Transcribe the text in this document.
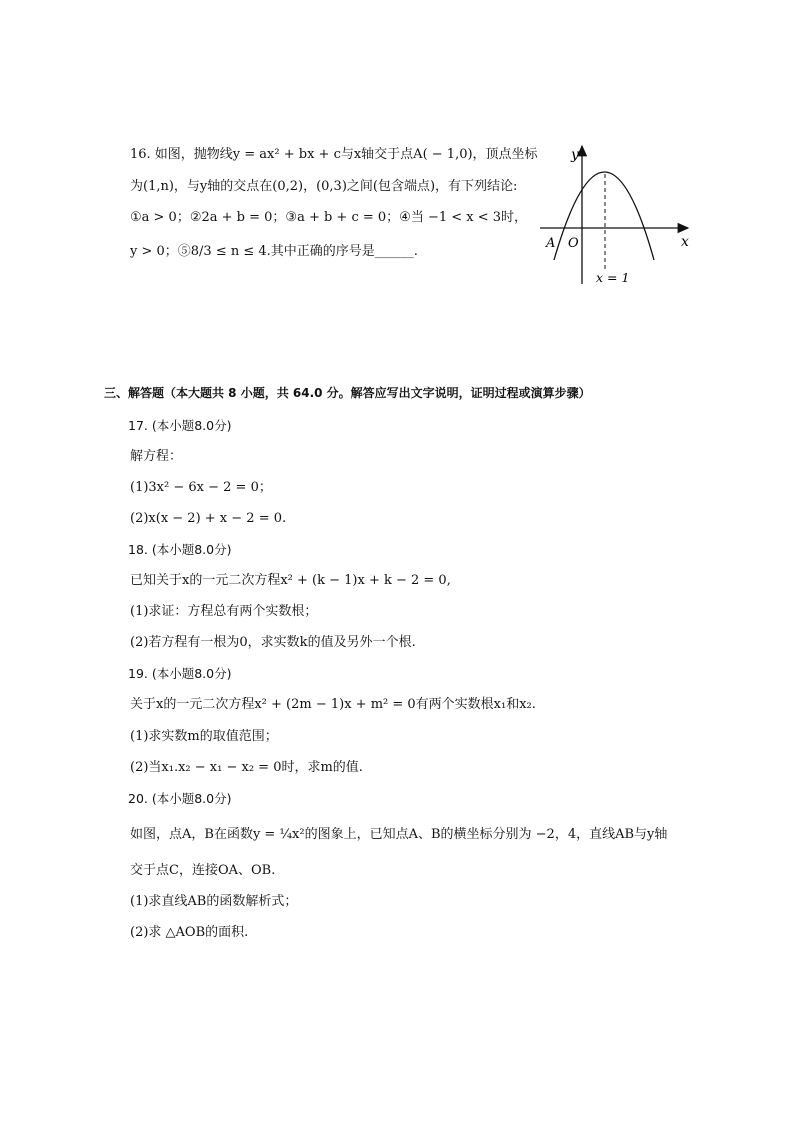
16. 如图，抛物线y = ax² + bx + c与x轴交于点A( − 1,0)，顶点坐标
为(1,n)，与y轴的交点在(0,2)，(0,3)之间(包含端点)，有下列结论:
①a > 0；②2a + b = 0；③a + b + c = 0；④当 −1 < x < 3时，
y > 0；⑤8/3 ≤ n ≤ 4.其中正确的序号是______.
y
x
A O
x = 1
三、解答题（本大题共 8 小题，共 64.0 分。解答应写出文字说明，证明过程或演算步骤）
17. (本小题8.0分)
解方程：
(1)3x² − 6x − 2 = 0；
(2)x(x − 2) + x − 2 = 0.
18. (本小题8.0分)
已知关于x的一元二次方程x² + (k − 1)x + k − 2 = 0,
(1)求证：方程总有两个实数根；
(2)若方程有一根为0，求实数k的值及另外一个根.
19. (本小题8.0分)
关于x的一元二次方程x² + (2m − 1)x + m² = 0有两个实数根x₁和x₂.
(1)求实数m的取值范围；
(2)当x₁.x₂ − x₁ − x₂ = 0时，求m的值.
20. (本小题8.0分)
如图，点A，B在函数y = ¼x²的图象上，已知点A、B的横坐标分别为 −2，4，直线AB与y轴
交于点C，连接OA、OB.
(1)求直线AB的函数解析式；
(2)求 △AOB的面积.
